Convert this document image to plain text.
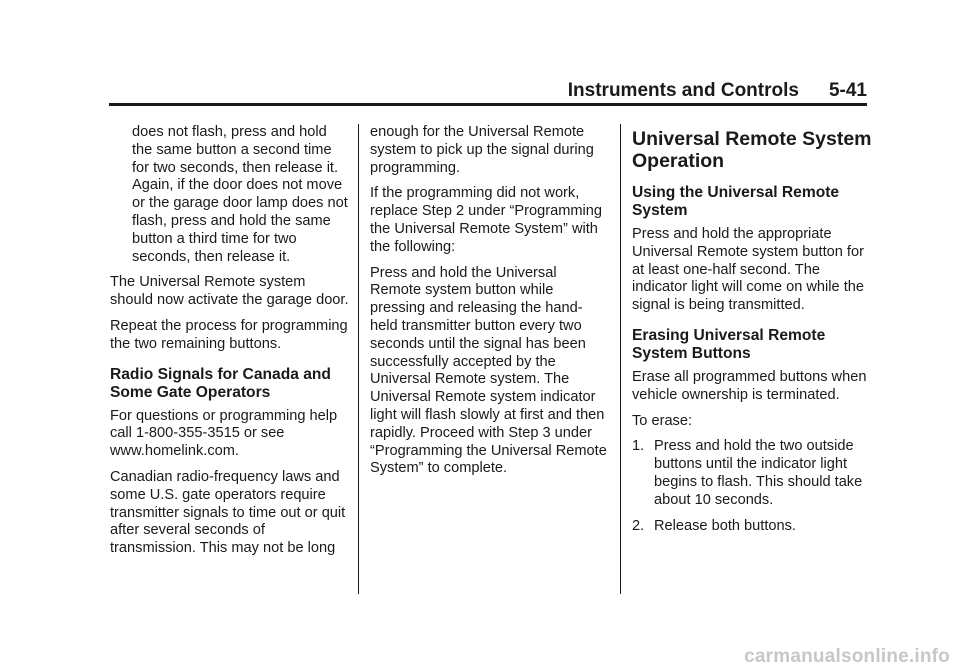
Instruments and Controls 5-41

does not flash, press and hold the same button a second time for two seconds, then release it. Again, if the door does not move or the garage door lamp does not flash, press and hold the same button a third time for two seconds, then release it.

The Universal Remote system should now activate the garage door.

Repeat the process for programming the two remaining buttons.

Radio Signals for Canada and Some Gate Operators

For questions or programming help call 1-800-355-3515 or see www.homelink.com.

Canadian radio-frequency laws and some U.S. gate operators require transmitter signals to time out or quit after several seconds of transmission. This may not be long

enough for the Universal Remote system to pick up the signal during programming.

If the programming did not work, replace Step 2 under “Programming the Universal Remote System” with the following:

Press and hold the Universal Remote system button while pressing and releasing the hand-held transmitter button every two seconds until the signal has been successfully accepted by the Universal Remote system. The Universal Remote system indicator light will flash slowly at first and then rapidly. Proceed with Step 3 under “Programming the Universal Remote System” to complete.

Universal Remote System Operation
Using the Universal Remote System

Press and hold the appropriate Universal Remote system button for at least one-half second. The indicator light will come on while the signal is being transmitted.

Erasing Universal Remote System Buttons

Erase all programmed buttons when vehicle ownership is terminated.

To erase:

1. Press and hold the two outside buttons until the indicator light begins to flash. This should take about 10 seconds.
2. Release both buttons.
carmanualsonline.info
